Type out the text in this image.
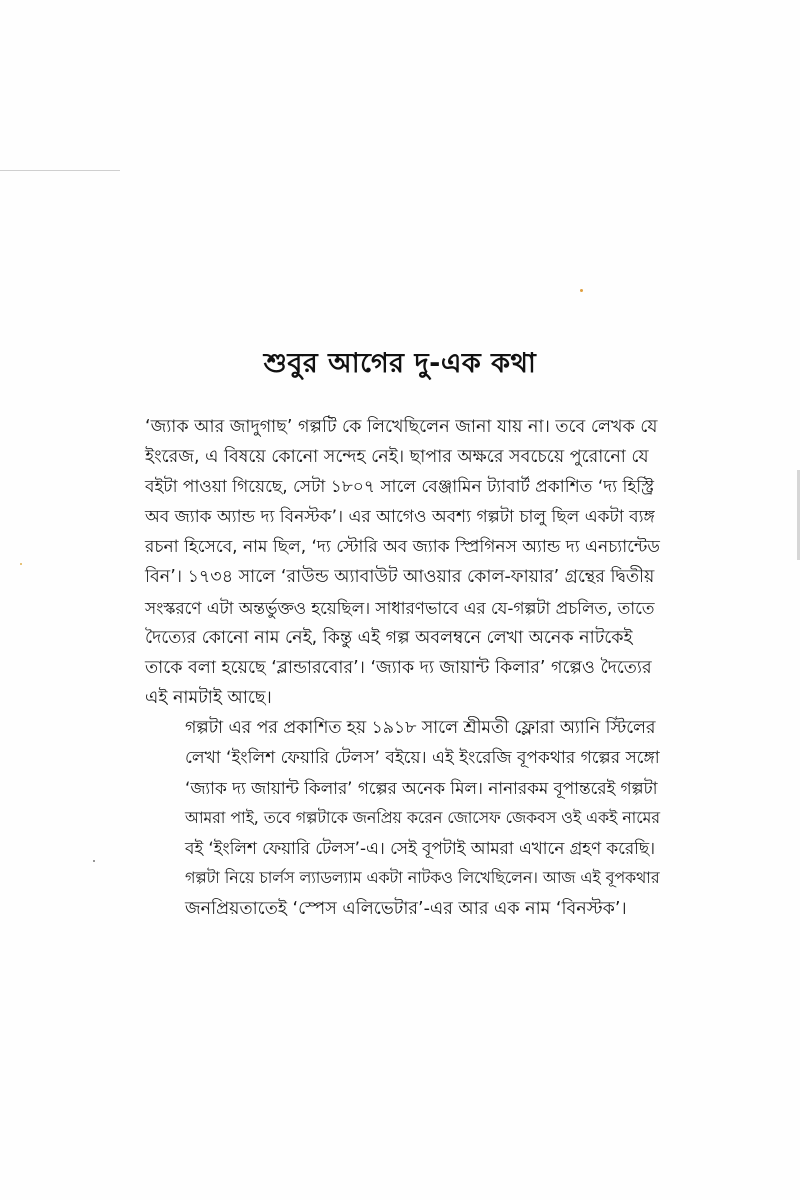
শুবুর আগের দু-এক কথা

‘জ্যাক আর জাদুগাছ’ গল্পটি কে লিখেছিলেন জানা যায় না। তবে লেখক যে
ইংরেজ, এ বিষয়ে কোনো সন্দেহ নেই। ছাপার অক্ষরে সবচেয়ে পুরোনো যে
বইটা পাওয়া গিয়েছে, সেটা ১৮০৭ সালে বেঞ্জামিন ট্যাবার্ট প্রকাশিত ‘দ্য হিস্ট্রি
অব জ্যাক অ্যান্ড দ্য বিনস্টক’। এর আগেও অবশ্য গল্পটা চালু ছিল একটা ব্যঙ্গ
রচনা হিসেবে, নাম ছিল, ‘দ্য স্টোরি অব জ্যাক স্প্রিগিনস অ্যান্ড দ্য এনচ্যান্টেড
বিন’। ১৭৩৪ সালে ‘রাউন্ড অ্যাবাউট আওয়ার কোল-ফায়ার’ গ্রন্থের দ্বিতীয়
সংস্করণে এটা অন্তর্ভুক্তও হয়েছিল। সাধারণভাবে এর যে-গল্পটা প্রচলিত, তাতে
দৈত্যের কোনো নাম নেই, কিন্তু এই গল্প অবলম্বনে লেখা অনেক নাটকেই
তাকে বলা হয়েছে ‘ব্লান্ডারবোর’। ‘জ্যাক দ্য জায়ান্ট কিলার’ গল্পেও দৈত্যের
এই নামটাই আছে।

গল্পটা এর পর প্রকাশিত হয় ১৯১৮ সালে শ্রীমতী ফ্লোরা অ্যানি স্টিলের
লেখা ‘ইংলিশ ফেয়ারি টেলস’ বইয়ে। এই ইংরেজি বূপকথার গল্পের সঙ্গো
‘জ্যাক দ্য জায়ান্ট কিলার’ গল্পের অনেক মিল। নানারকম বূপান্তরেই গল্পটা
আমরা পাই, তবে গল্পটাকে জনপ্রিয় করেন জোসেফ জেকবস ওই একই নামের
বই ‘ইংলিশ ফেয়ারি টেলস’-এ। সেই বূপটাই আমরা এখানে গ্রহণ করেছি।
গল্পটা নিয়ে চার্লস ল্যাডল্যাম একটা নাটকও লিখেছিলেন। আজ এই বূপকথার
জনপ্রিয়তাতেই ‘স্পেস এলিভেটার’-এর আর এক নাম ‘বিনস্টক’।
